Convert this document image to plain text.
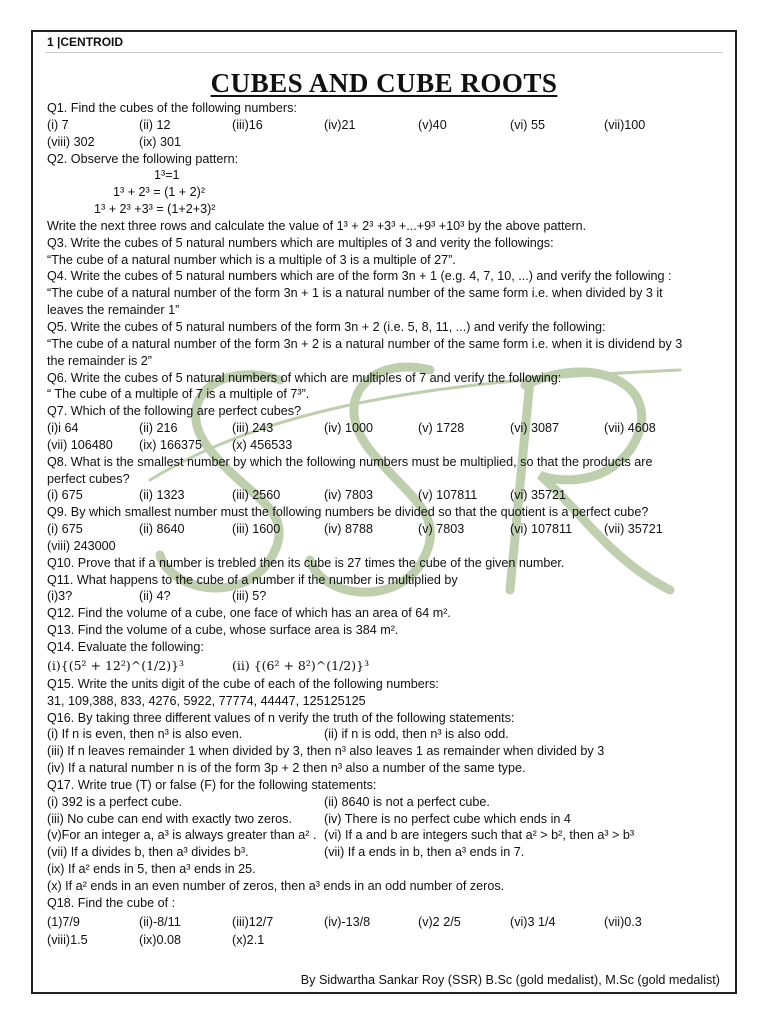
1 |CENTROID
CUBES AND CUBE ROOTS
Q1. Find the cubes of the following numbers:
(i) 7	(ii) 12	(iii)16	(iv)21	(v)40	(vi) 55	(vii)100
(viii) 302	(ix) 301
Q2. Observe the following pattern:
1³=1
1³ + 2³ = (1 + 2)²
1³ + 2³ +3³ = (1+2+3)²
Write the next three rows and calculate the value of 1³ + 2³ +3³ +...+9³ +10³ by the above pattern.
Q3. Write the cubes of 5 natural numbers which are multiples of 3 and verity the followings:
“The cube of a natural number which is a multiple of 3 is a multiple of 27”.
Q4. Write the cubes of 5 natural numbers which are of the form 3n + 1 (e.g. 4, 7, 10, ...) and verify the following :
“The cube of a natural number of the form 3n + 1 is a natural number of the same form i.e. when divided by 3 it
leaves the remainder 1”
Q5. Write the cubes of 5 natural numbers of the form 3n + 2 (i.e. 5, 8, 11, ...) and verify the following:
“The cube of a natural number of the form 3n + 2 is a natural number of the same form i.e. when it is dividend by 3
the remainder is 2”
Q6. Write the cubes of 5 natural numbers of which are multiples of 7 and verify the following:
“ The cube of a multiple of 7 is a multiple of 7³”.
Q7. Which of the following are perfect cubes?
(i)i 64	(ii) 216	(iii) 243	(iv) 1000	(v) 1728	(vi) 3087	(vii) 4608
(vii) 106480	(ix) 166375	(x) 456533
Q8. What is the smallest number by which the following numbers must be multiplied, so that the products are
perfect cubes?
(i) 675	(ii) 1323	(iii) 2560	(iv) 7803	(v) 107811	(vi) 35721
Q9. By which smallest number must the following numbers be divided so that the quotient is a perfect cube?
(i) 675	(ii) 8640	(iii) 1600	(iv) 8788	(v) 7803	(vi) 107811	(vii) 35721
(viii) 243000
Q10. Prove that if a number is trebled then its cube is 27 times the cube of the given number.
Q11. What happens to the cube of a number if the number is multiplied by
(i)3?	(ii) 4?	(iii) 5?
Q12. Find the volume of a cube, one face of which has an area of 64 m².
Q13. Find the volume of a cube, whose surface area is 384 m².
Q14. Evaluate the following:
(i){(5² + 12²)^(1/2)}³	(ii) {(6² + 8²)^(1/2)}³
Q15. Write the units digit of the cube of each of the following numbers:
31, 109,388, 833, 4276, 5922, 77774, 44447, 125125125
Q16. By taking three different values of n verify the truth of the following statements:
(i) If n is even, then n³ is also even.	(ii) if n is odd, then n³ is also odd.
(iii) If n leaves remainder 1 when divided by 3, then n³ also leaves 1 as remainder when divided by 3
(iv) If a natural number n is of the form 3p + 2 then n³ also a number of the same type.
Q17. Write true (T) or false (F) for the following statements:
(i) 392 is a perfect cube.	(ii) 8640 is not a perfect cube.
(iii) No cube can end with exactly two zeros.	(iv) There is no perfect cube which ends in 4
(v)For an integer a, a³ is always greater than a² . (vi) If a and b are integers such that a² > b², then a³ > b³
(vii) If a divides b, then a³ divides b³.	(vii) If a ends in b, then a³ ends in 7.
(ix) If a² ends in 5, then a³ ends in 25.
(x) If a² ends in an even number of zeros, then a³ ends in an odd number of zeros.
Q18. Find the cube of :
(1)7/9	(ii)-8/11	(iii)12/7	(iv)-13/8	(v)2 2/5	(vi)3 1/4	(vii)0.3
(viii)1.5	(ix)0.08	(x)2.1
By Sidwartha Sankar Roy (SSR) B.Sc (gold medalist), M.Sc (gold medalist)
